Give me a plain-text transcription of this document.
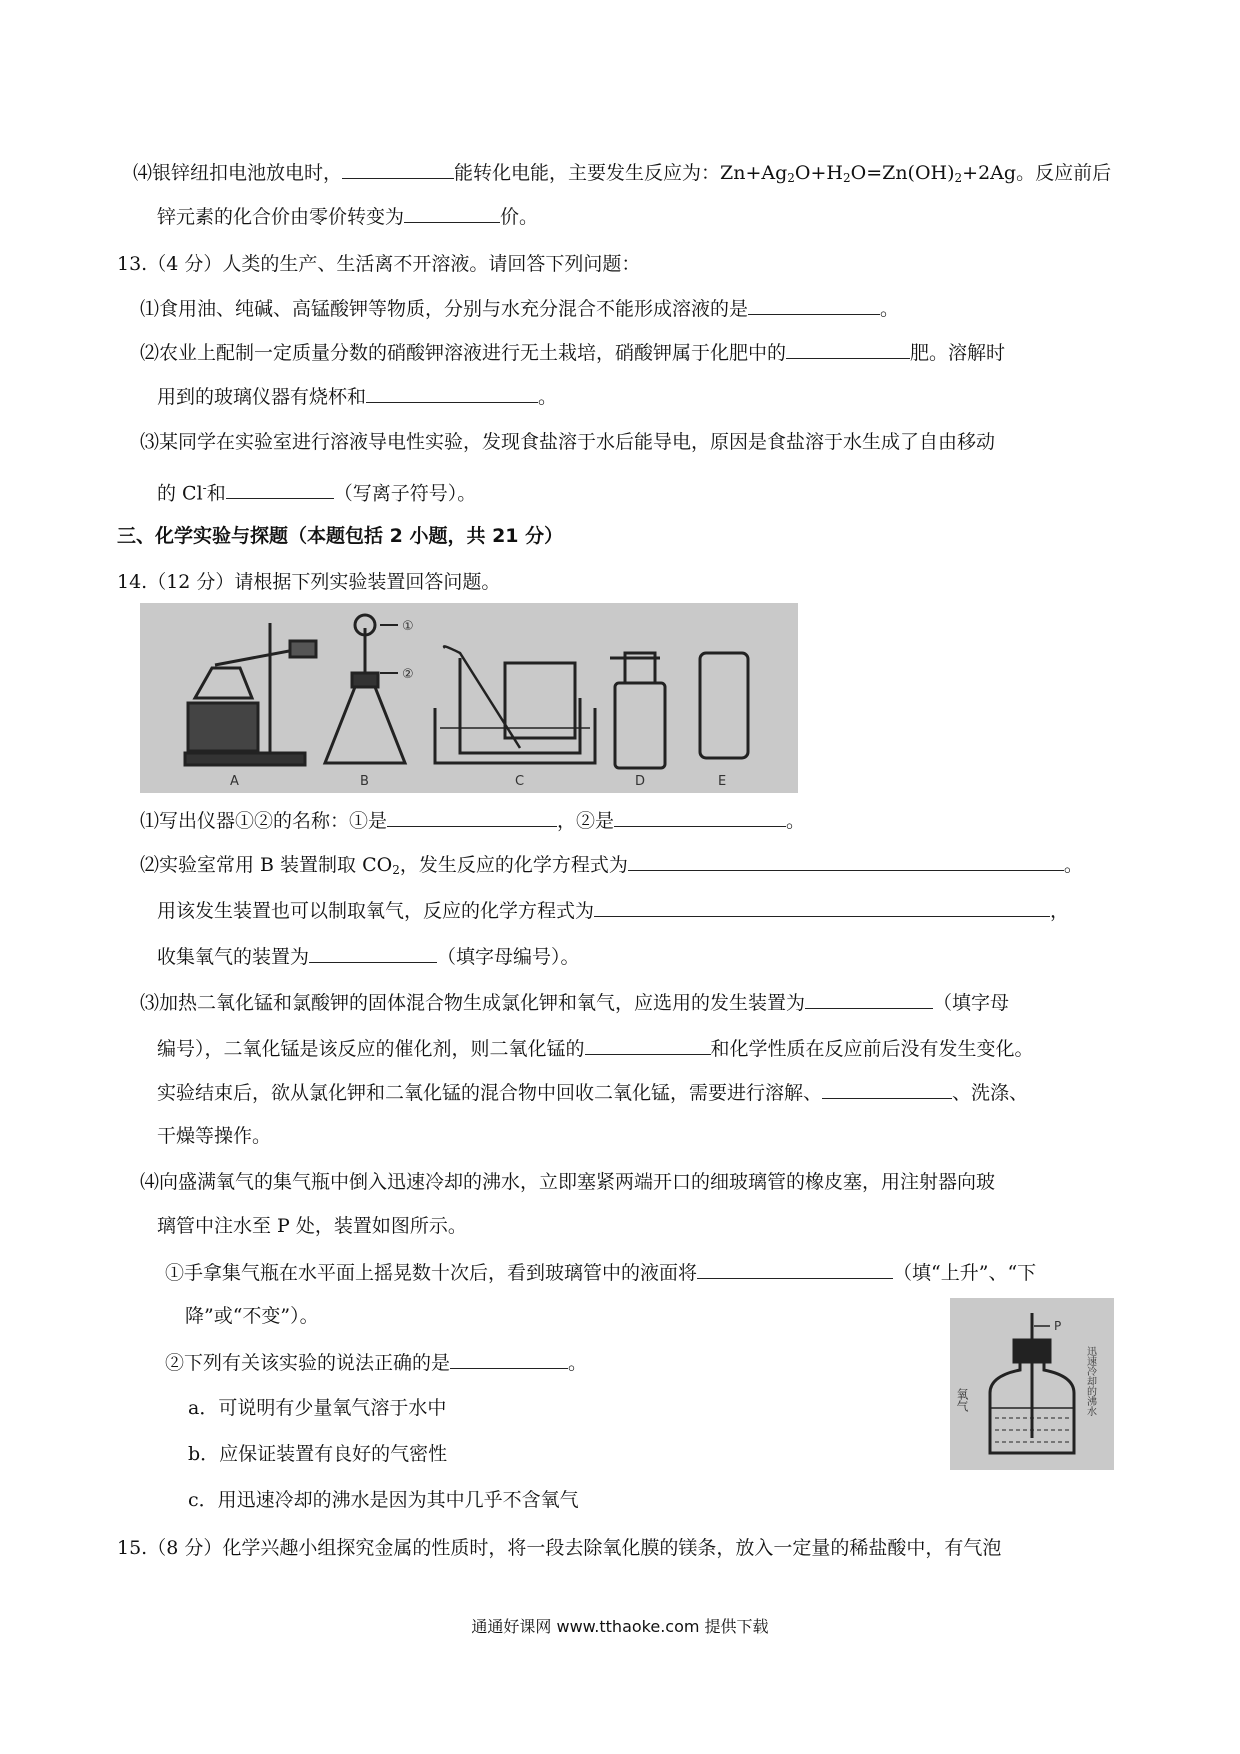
⑷银锌纽扣电池放电时，	能转化电能，主要发生反应为：$Zn+Ag_2O+H_2O=Zn(OH)_2+2Ag$。反应前后
锌元素的化合价由零价转变为	价。
13.（4 分）人类的生产、生活离不开溶液。请回答下列问题：
⑴食用油、纯碱、高锰酸钾等物质，分别与水充分混合不能形成溶液的是	。
⑵农业上配制一定质量分数的硝酸钾溶液进行无土栽培，硝酸钾属于化肥中的	肥。溶解时
用到的玻璃仪器有烧杯和	。
⑶某同学在实验室进行溶液导电性实验，发现食盐溶于水后能导电，原因是食盐溶于水生成了自由移动
的 Cl-和	（写离子符号）。
三、化学实验与探题（本题包括 2 小题，共 21 分）
14.（12 分）请根据下列实验装置回答问题。
A	B	C	D	E
①
②
⑴写出仪器①②的名称：①是	，②是	。
⑵实验室常用 B 装置制取 $CO_2$，发生反应的化学方程式为	。
用该发生装置也可以制取氧气，反应的化学方程式为	，
收集氧气的装置为	（填字母编号）。
⑶加热二氧化锰和氯酸钾的固体混合物生成氯化钾和氧气，应选用的发生装置为	（填字母
编号），二氧化锰是该反应的催化剂，则二氧化锰的	和化学性质在反应前后没有发生变化。
实验结束后，欲从氯化钾和二氧化锰的混合物中回收二氧化锰，需要进行溶解、	、洗涤、
干燥等操作。
⑷向盛满氧气的集气瓶中倒入迅速冷却的沸水，立即塞紧两端开口的细玻璃管的橡皮塞，用注射器向玻
璃管中注水至 P 处，装置如图所示。
①手拿集气瓶在水平面上摇晃数十次后，看到玻璃管中的液面将	（填“上升”、“下
降”或“不变”）。
②下列有关该实验的说法正确的是	。
a．可说明有少量氧气溶于水中
b．应保证装置有良好的气密性
c．用迅速冷却的沸水是因为其中几乎不含氧气
P
氧气	迅速冷却的沸水
15.（8 分）化学兴趣小组探究金属的性质时，将一段去除氧化膜的镁条，放入一定量的稀盐酸中，有气泡
通通好课网 www.tthaoke.com 提供下载
